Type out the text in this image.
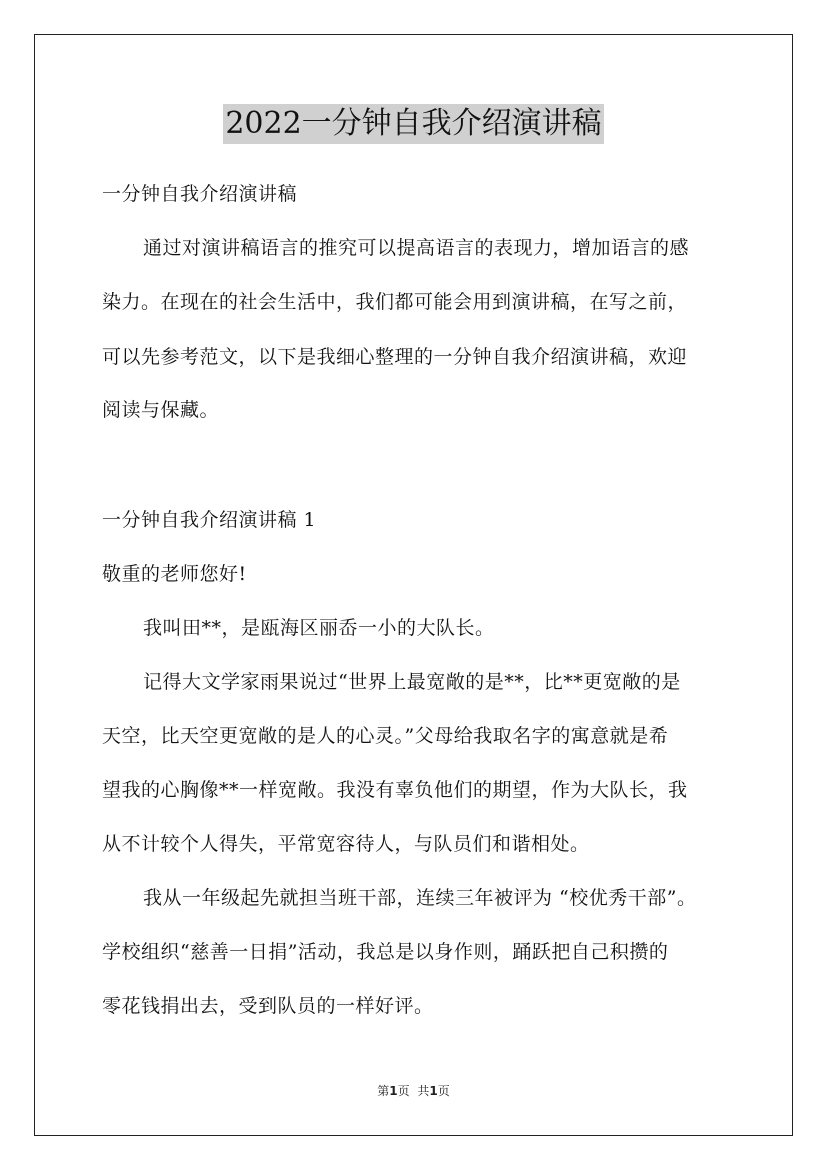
2022一分钟自我介绍演讲稿

一分钟自我介绍演讲稿

通过对演讲稿语言的推究可以提高语言的表现力，增加语言的感

染力。在现在的社会生活中，我们都可能会用到演讲稿，在写之前，

可以先参考范文，以下是我细心整理的一分钟自我介绍演讲稿，欢迎

阅读与保藏。

一分钟自我介绍演讲稿 1

敬重的老师您好!

我叫田**，是瓯海区丽岙一小的大队长。

记得大文学家雨果说过“世界上最宽敞的是**，比**更宽敞的是

天空，比天空更宽敞的是人的心灵。”父母给我取名字的寓意就是希

望我的心胸像**一样宽敞。我没有辜负他们的期望，作为大队长，我

从不计较个人得失，平常宽容待人，与队员们和谐相处。

我从一年级起先就担当班干部，连续三年被评为 “校优秀干部”。

学校组织“慈善一日捐”活动，我总是以身作则，踊跃把自己积攒的

零花钱捐出去，受到队员的一样好评。

第1页 共1页
